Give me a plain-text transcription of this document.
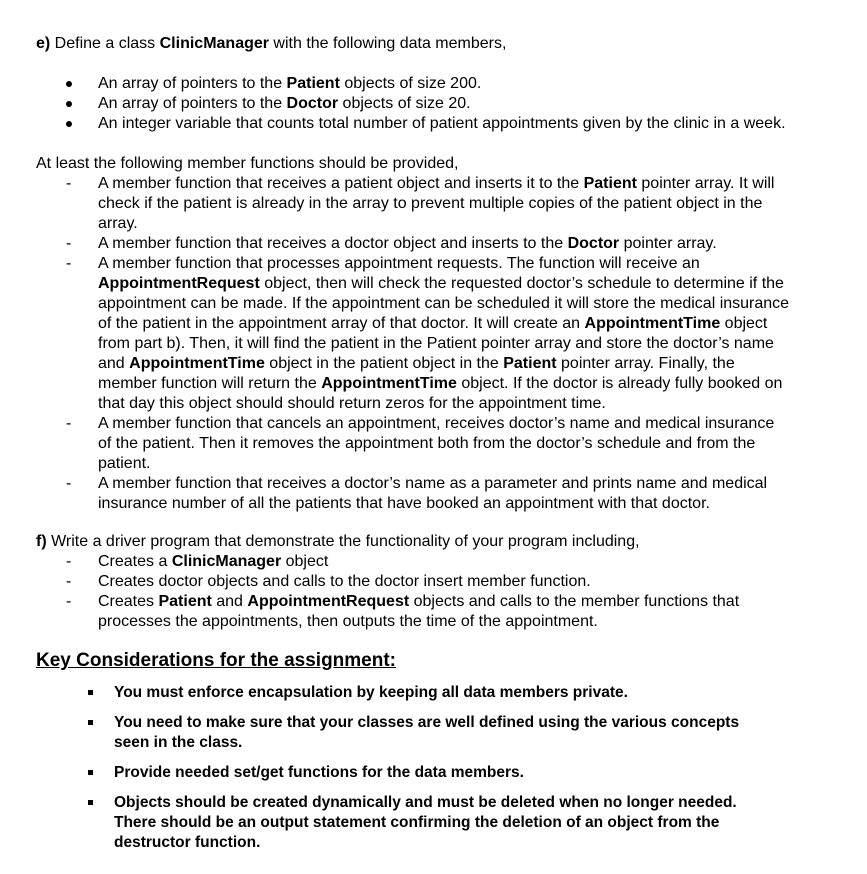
e) Define a class ClinicManager with the following data members,
An array of pointers to the Patient objects of size 200.
An array of pointers to the Doctor objects of size 20.
An integer variable that counts total number of patient appointments given by the clinic in a week.
At least the following member functions should be provided,
- A member function that receives a patient object and inserts it to the Patient pointer array. It will
check if the patient is already in the array to prevent multiple copies of the patient object in the
array.
- A member function that receives a doctor object and inserts to the Doctor pointer array.
- A member function that processes appointment requests. The function will receive an
AppointmentRequest object, then will check the requested doctor’s schedule to determine if the
appointment can be made. If the appointment can be scheduled it will store the medical insurance
of the patient in the appointment array of that doctor. It will create an AppointmentTime object
from part b). Then, it will find the patient in the Patient pointer array and store the doctor’s name
and AppointmentTime object in the patient object in the Patient pointer array. Finally, the
member function will return the AppointmentTime object. If the doctor is already fully booked on
that day this object should should return zeros for the appointment time.
- A member function that cancels an appointment, receives doctor’s name and medical insurance
of the patient. Then it removes the appointment both from the doctor’s schedule and from the
patient.
- A member function that receives a doctor’s name as a parameter and prints name and medical
insurance number of all the patients that have booked an appointment with that doctor.
f) Write a driver program that demonstrate the functionality of your program including,
- Creates a ClinicManager object
- Creates doctor objects and calls to the doctor insert member function.
- Creates Patient and AppointmentRequest objects and calls to the member functions that
processes the appointments, then outputs the time of the appointment.
Key Considerations for the assignment:
You must enforce encapsulation by keeping all data members private.
You need to make sure that your classes are well defined using the various concepts
seen in the class.
Provide needed set/get functions for the data members.
Objects should be created dynamically and must be deleted when no longer needed.
There should be an output statement confirming the deletion of an object from the
destructor function.
